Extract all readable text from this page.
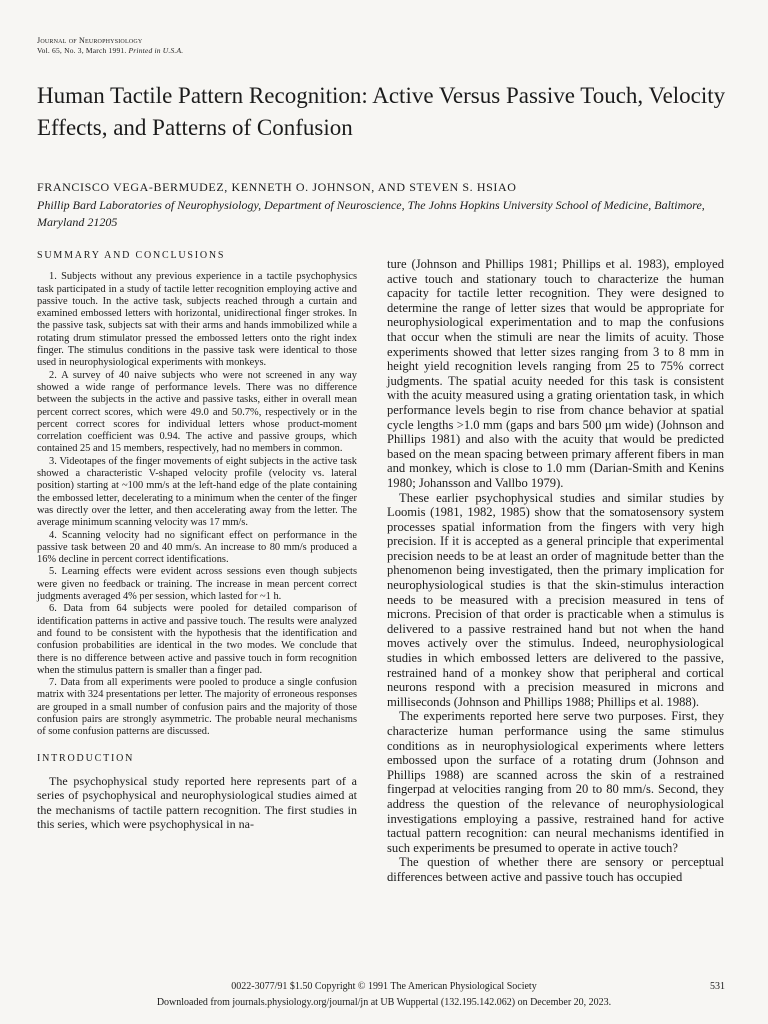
Journal of Neurophysiology
Vol. 65, No. 3, March 1991. Printed in U.S.A.
Human Tactile Pattern Recognition: Active Versus Passive Touch, Velocity Effects, and Patterns of Confusion
FRANCISCO VEGA-BERMUDEZ, KENNETH O. JOHNSON, AND STEVEN S. HSIAO
Phillip Bard Laboratories of Neurophysiology, Department of Neuroscience, The Johns Hopkins University School of Medicine, Baltimore, Maryland 21205
SUMMARY AND CONCLUSIONS

1. Subjects without any previous experience in a tactile psychophysics task participated in a study of tactile letter recognition employing active and passive touch. In the active task, subjects reached through a curtain and examined embossed letters with horizontal, unidirectional finger strokes. In the passive task, subjects sat with their arms and hands immobilized while a rotating drum stimulator pressed the embossed letters onto the right index finger. The stimulus conditions in the passive task were identical to those used in neurophysiological experiments with monkeys.

2. A survey of 40 naive subjects who were not screened in any way showed a wide range of performance levels. There was no difference between the subjects in the active and passive tasks, either in overall mean percent correct scores, which were 49.0 and 50.7%, respectively or in the percent correct scores for individual letters whose product-moment correlation coefficient was 0.94. The active and passive groups, which contained 25 and 15 members, respectively, had no members in common.

3. Videotapes of the finger movements of eight subjects in the active task showed a characteristic V-shaped velocity profile (velocity vs. lateral position) starting at ~100 mm/s at the left-hand edge of the plate containing the embossed letter, decelerating to a minimum when the center of the finger was directly over the letter, and then accelerating away from the letter. The average minimum scanning velocity was 17 mm/s.

4. Scanning velocity had no significant effect on performance in the passive task between 20 and 40 mm/s. An increase to 80 mm/s produced a 16% decline in percent correct identifications.

5. Learning effects were evident across sessions even though subjects were given no feedback or training. The increase in mean percent correct judgments averaged 4% per session, which lasted for ~1 h.

6. Data from 64 subjects were pooled for detailed comparison of identification patterns in active and passive touch. The results were analyzed and found to be consistent with the hypothesis that the identification and confusion probabilities are identical in the two modes. We conclude that there is no difference between active and passive touch in form recognition when the stimulus pattern is smaller than a finger pad.

7. Data from all experiments were pooled to produce a single confusion matrix with 324 presentations per letter. The majority of erroneous responses are grouped in a small number of confusion pairs and the majority of those confusion pairs are strongly asymmetric. The probable neural mechanisms of some confusion patterns are discussed.

INTRODUCTION

The psychophysical study reported here represents part of a series of psychophysical and neurophysiological studies aimed at the mechanisms of tactile pattern recognition. The first studies in this series, which were psychophysical in na-

ture (Johnson and Phillips 1981; Phillips et al. 1983), employed active touch and stationary touch to characterize the human capacity for tactile letter recognition. They were designed to determine the range of letter sizes that would be appropriate for neurophysiological experimentation and to map the confusions that occur when the stimuli are near the limits of acuity. Those experiments showed that letter sizes ranging from 3 to 8 mm in height yield recognition levels ranging from 25 to 75% correct judgments. The spatial acuity needed for this task is consistent with the acuity measured using a grating orientation task, in which performance levels begin to rise from chance behavior at spatial cycle lengths >1.0 mm (gaps and bars 500 μm wide) (Johnson and Phillips 1981) and also with the acuity that would be predicted based on the mean spacing between primary afferent fibers in man and monkey, which is close to 1.0 mm (Darian-Smith and Kenins 1980; Johansson and Vallbo 1979).

These earlier psychophysical studies and similar studies by Loomis (1981, 1982, 1985) show that the somatosensory system processes spatial information from the fingers with very high precision. If it is accepted as a general principle that experimental precision needs to be at least an order of magnitude better than the phenomenon being investigated, then the primary implication for neurophysiological studies is that the skin-stimulus interaction needs to be measured with a precision measured in tens of microns. Precision of that order is practicable when a stimulus is delivered to a passive restrained hand but not when the hand moves actively over the stimulus. Indeed, neurophysiological studies in which embossed letters are delivered to the passive, restrained hand of a monkey show that peripheral and cortical neurons respond with a precision measured in microns and milliseconds (Johnson and Phillips 1988; Phillips et al. 1988).

The experiments reported here serve two purposes. First, they characterize human performance using the same stimulus conditions as in neurophysiological experiments where letters embossed upon the surface of a rotating drum (Johnson and Phillips 1988) are scanned across the skin of a restrained fingerpad at velocities ranging from 20 to 80 mm/s. Second, they address the question of the relevance of neurophysiological investigations employing a passive, restrained hand for active tactual pattern recognition: can neural mechanisms identified in such experiments be presumed to operate in active touch?

The question of whether there are sensory or perceptual differences between active and passive touch has occupied

0022-3077/91 $1.50 Copyright © 1991 The American Physiological Society	531
Downloaded from journals.physiology.org/journal/jn at UB Wuppertal (132.195.142.062) on December 20, 2023.
